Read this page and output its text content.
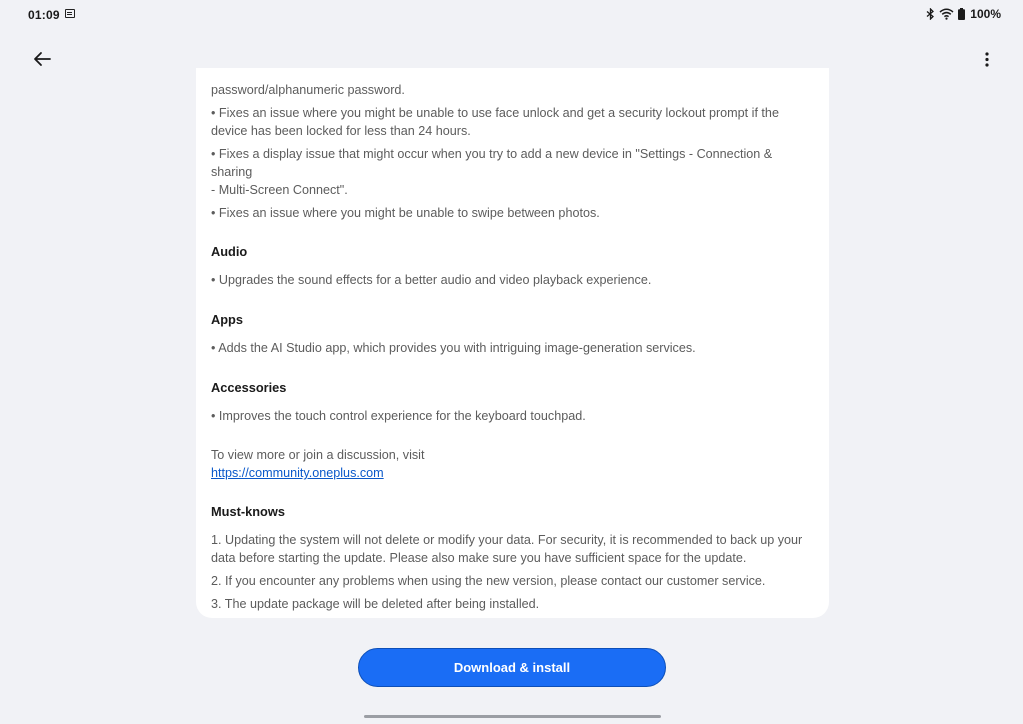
01:09	100%

password/alphanumeric password.

• Fixes an issue where you might be unable to use face unlock and get a security lockout prompt if the

device has been locked for less than 24 hours.

• Fixes a display issue that might occur when you try to add a new device in "Settings - Connection & sharing

- Multi-Screen Connect".

• Fixes an issue where you might be unable to swipe between photos.

Audio

• Upgrades the sound effects for a better audio and video playback experience.

Apps

• Adds the AI Studio app, which provides you with intriguing image-generation services.

Accessories

• Improves the touch control experience for the keyboard touchpad.

To view more or join a discussion, visit

https://community.oneplus.com

Must-knows

1. Updating the system will not delete or modify your data. For security, it is recommended to back up your

data before starting the update. Please also make sure you have sufficient space for the update.

2. If you encounter any problems when using the new version, please contact our customer service.

3. The update package will be deleted after being installed.

Download & install
